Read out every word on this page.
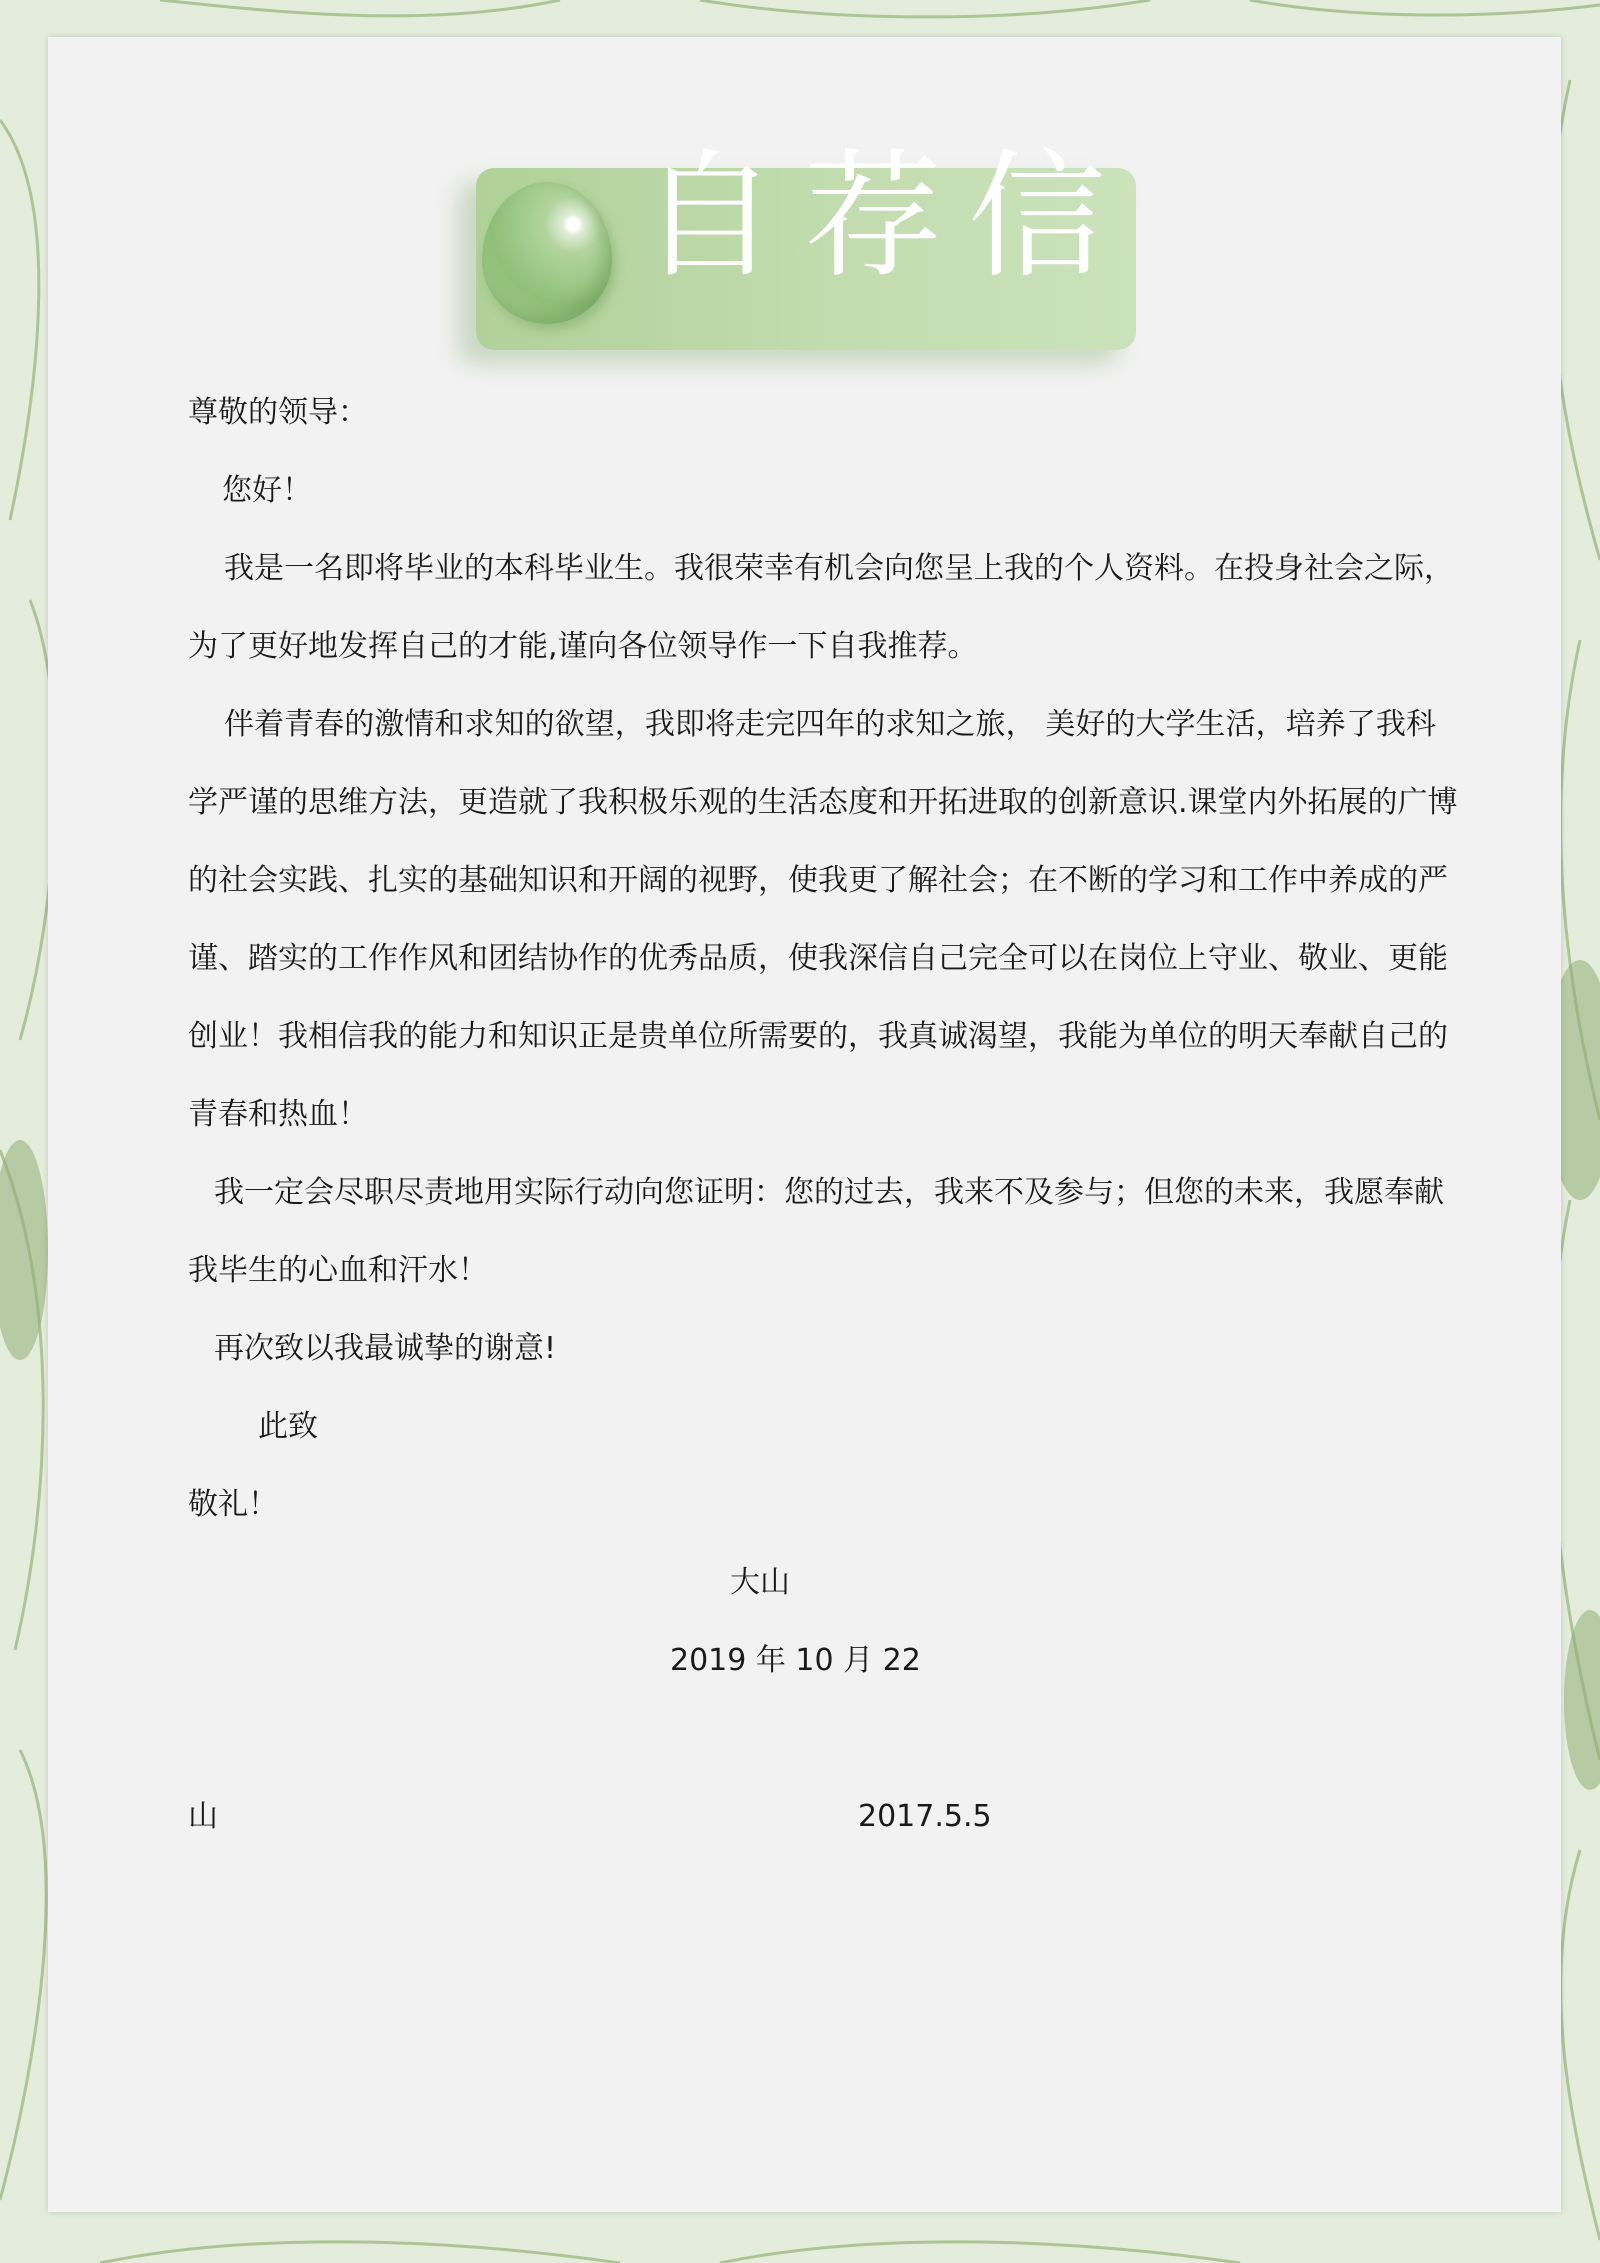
自荐信
尊敬的领导：
您好！
我是一名即将毕业的本科毕业生。我很荣幸有机会向您呈上我的个人资料。在投身社会之际，
为了更好地发挥自己的才能,谨向各位领导作一下自我推荐。
伴着青春的激情和求知的欲望，我即将走完四年的求知之旅， 美好的大学生活，培养了我科
学严谨的思维方法，更造就了我积极乐观的生活态度和开拓进取的创新意识.课堂内外拓展的广博
的社会实践、扎实的基础知识和开阔的视野，使我更了解社会；在不断的学习和工作中养成的严
谨、踏实的工作作风和团结协作的优秀品质，使我深信自己完全可以在岗位上守业、敬业、更能
创业！我相信我的能力和知识正是贵单位所需要的，我真诚渴望，我能为单位的明天奉献自己的
青春和热血！
我一定会尽职尽责地用实际行动向您证明：您的过去，我来不及参与；但您的未来，我愿奉献
我毕生的心血和汗水！
再次致以我最诚挚的谢意!
此致
敬礼！
大山
2019 年 10 月 22
山	2017.5.5
